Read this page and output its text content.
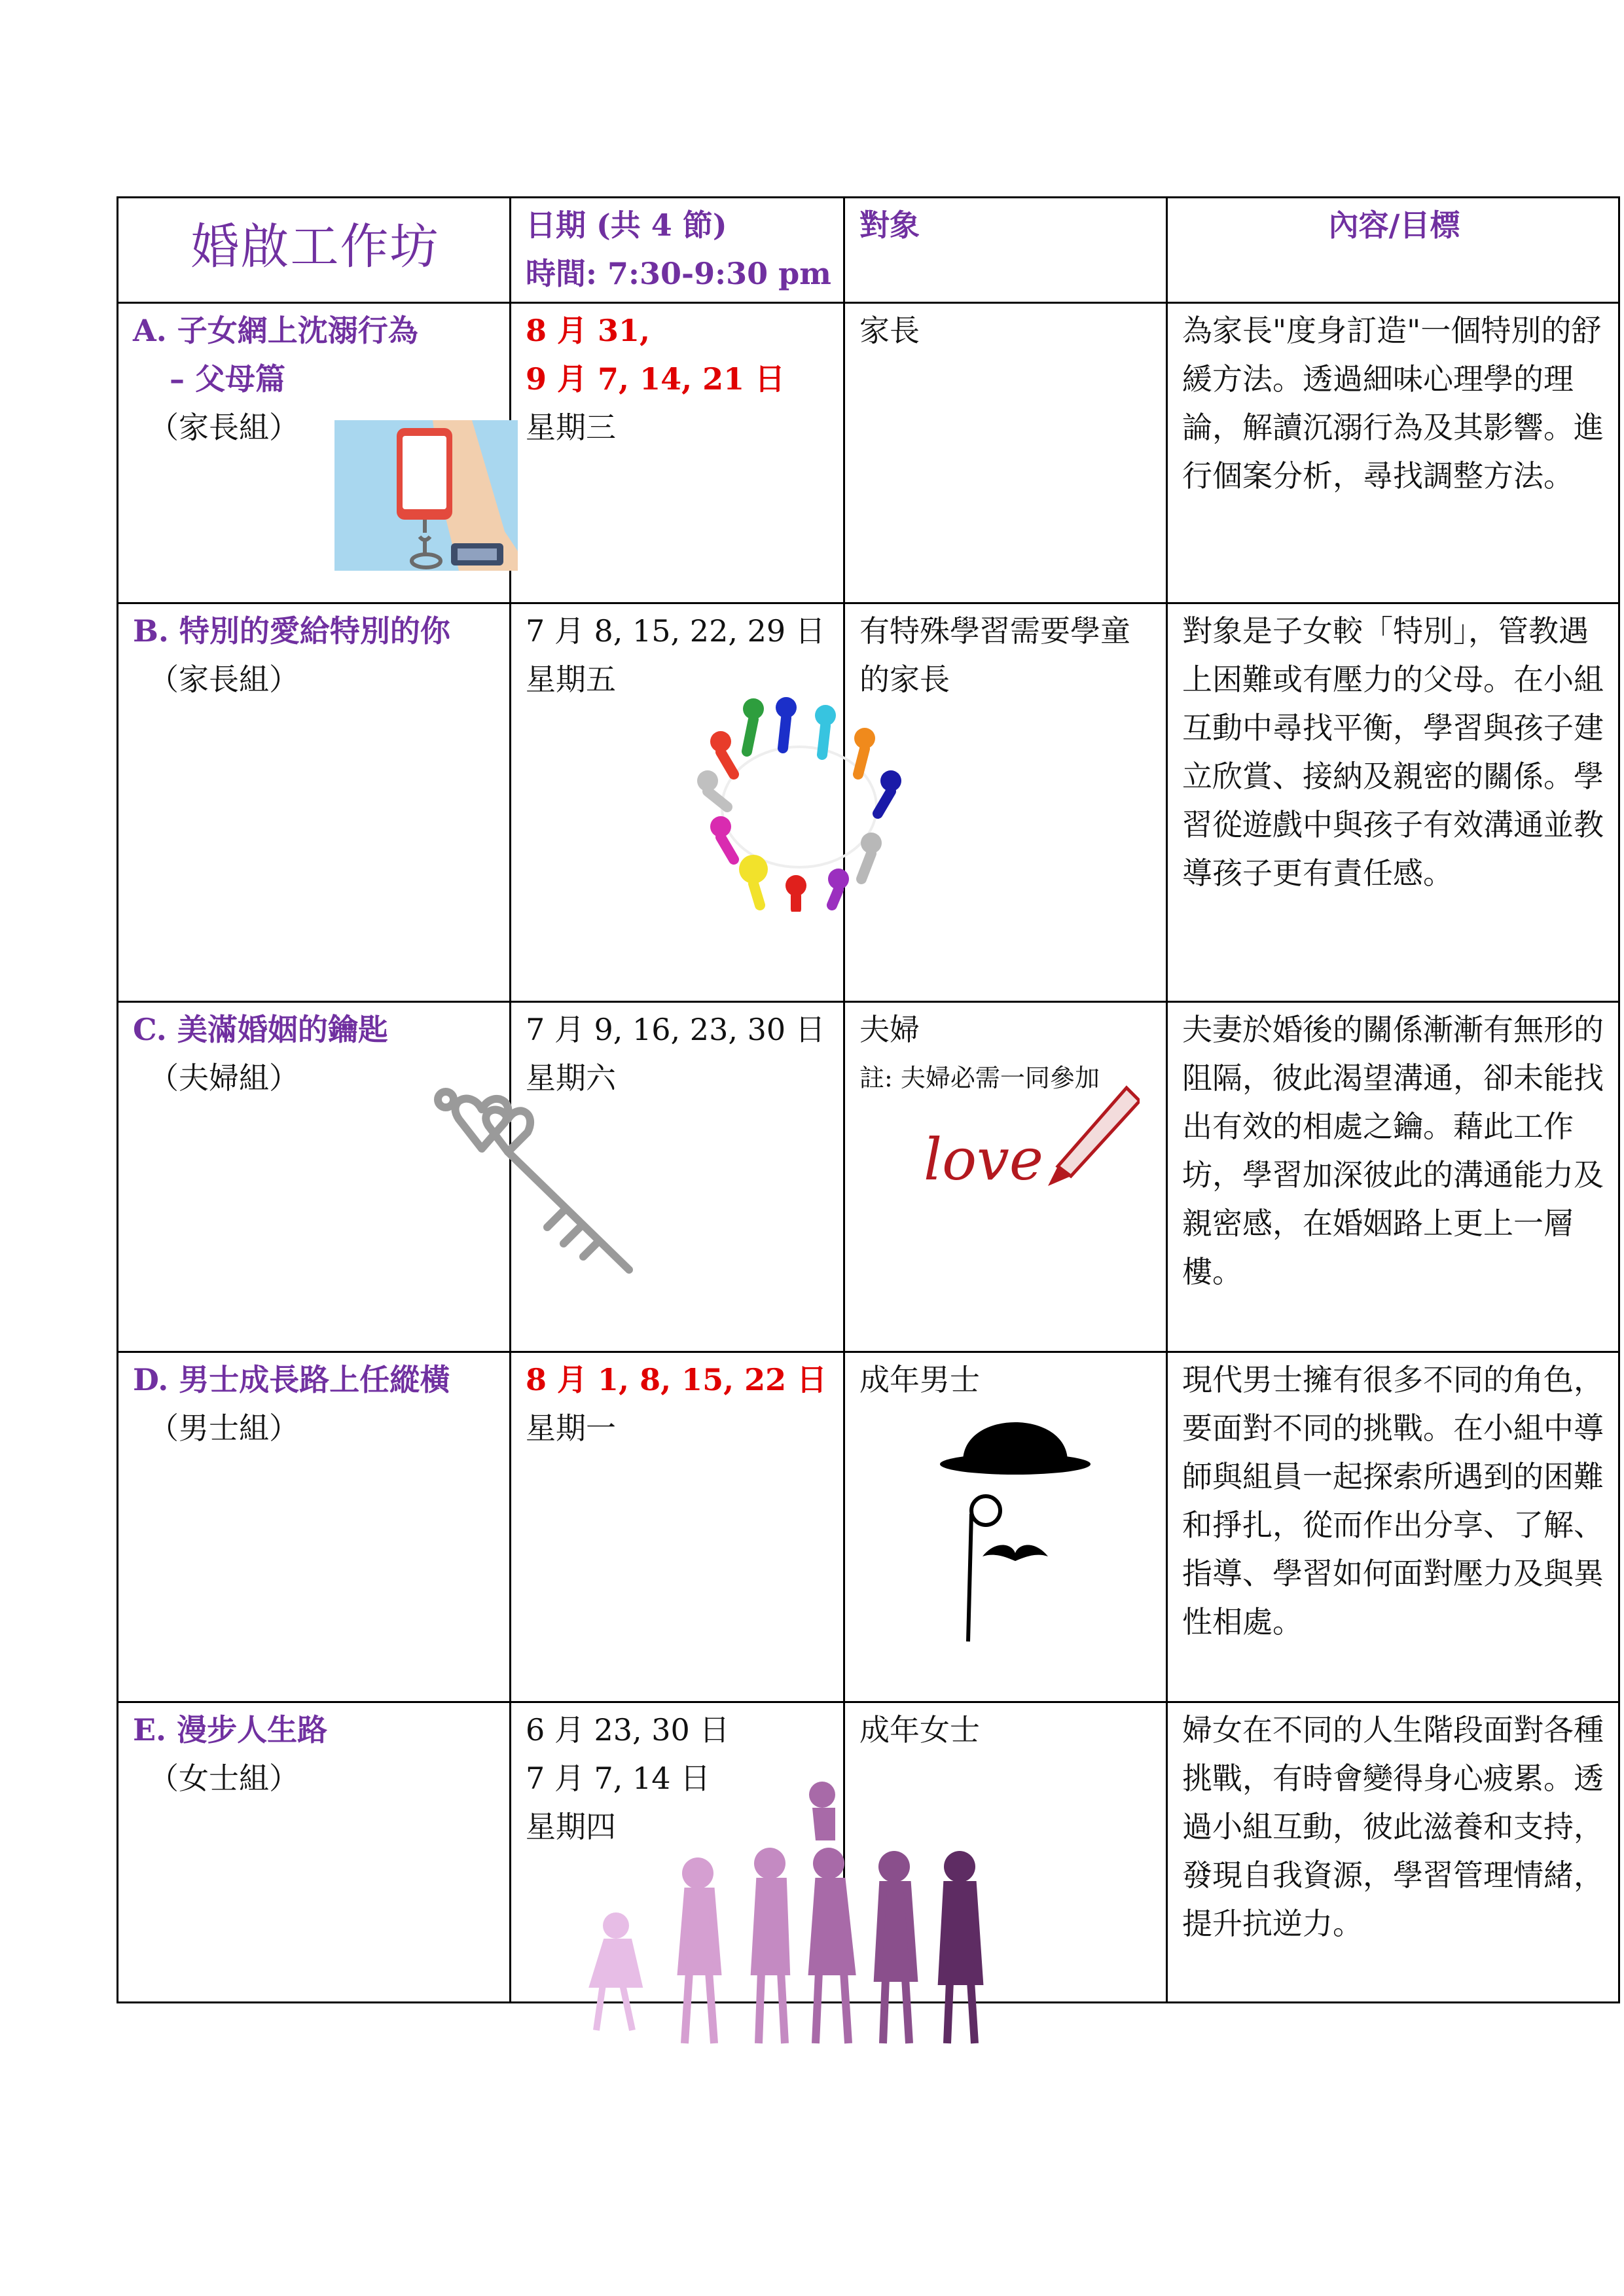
婚啟工作坊	日期 (共 4 節)
時間: 7:30-9:30 pm	對象	內容/目標

A. 子女網上沈溺行為
– 父母篇
（家長組）	8 月 31,
9 月 7, 14, 21 日
星期三	家長	為家長"度身訂造"一個特別的舒緩方法。透過細味心理學的理論，解讀沉溺行為及其影響。進行個案分析，尋找調整方法。

B. 特別的愛給特別的你
（家長組）	7 月 8, 15, 22, 29 日
星期五	有特殊學習需要學童的家長	對象是子女較「特別」，管教遇上困難或有壓力的父母。在小組互動中尋找平衡，學習與孩子建立欣賞、接納及親密的關係。學習從遊戲中與孩子有效溝通並教導孩子更有責任感。

C. 美滿婚姻的鑰匙
（夫婦組）	7 月 9, 16, 23, 30 日
星期六	夫婦
註: 夫婦必需一同參加
love	夫妻於婚後的關係漸漸有無形的阻隔，彼此渴望溝通，卻未能找出有效的相處之鑰。藉此工作坊，學習加深彼此的溝通能力及親密感，在婚姻路上更上一層樓。

D. 男士成長路上任縱橫
（男士組）	8 月 1, 8, 15, 22 日
星期一	成年男士	現代男士擁有很多不同的角色，要面對不同的挑戰。在小組中導師與組員一起探索所遇到的困難和掙扎，從而作出分享、了解、指導、學習如何面對壓力及與異性相處。

E. 漫步人生路
（女士組）	6 月 23, 30 日
7 月 7, 14 日
星期四	成年女士	婦女在不同的人生階段面對各種挑戰，有時會變得身心疲累。透過小組互動，彼此滋養和支持，發現自我資源，學習管理情緒，提升抗逆力。
